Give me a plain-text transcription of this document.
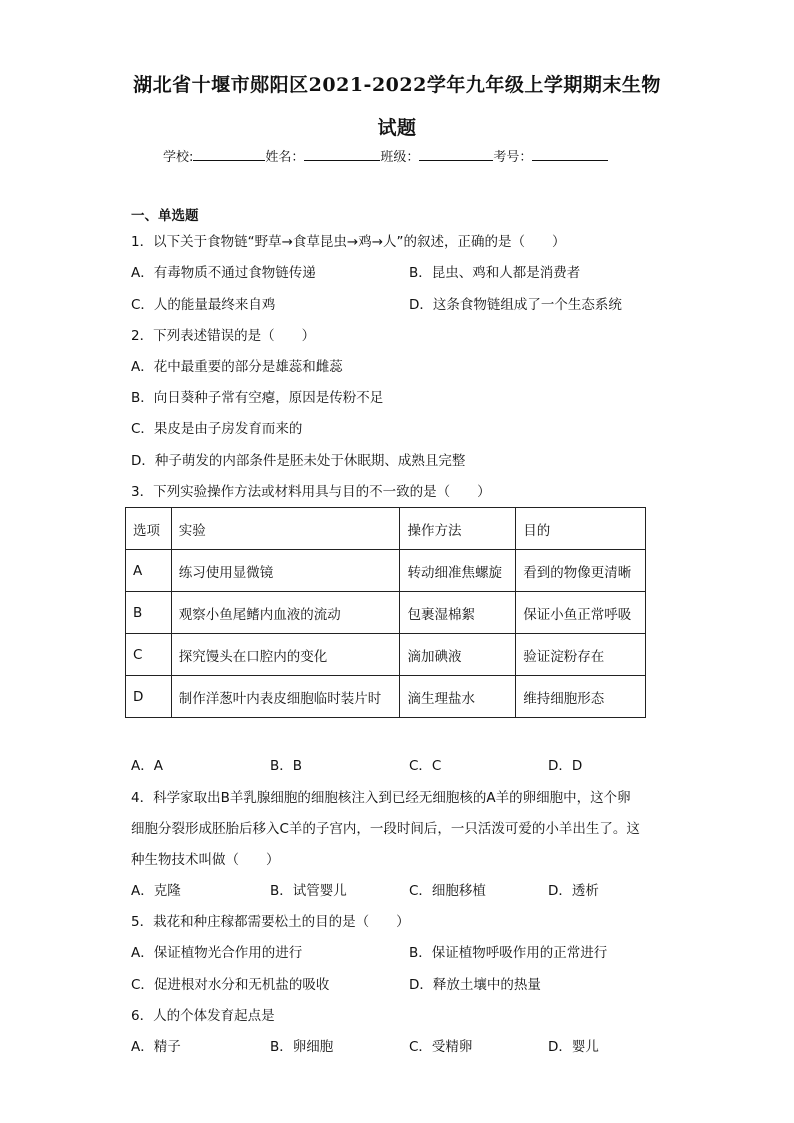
湖北省十堰市郧阳区2021-2022学年九年级上学期期末生物
试题
学校:	姓名：	班级：	考号：
一、单选题
1．以下关于食物链“野草→食草昆虫→鸡→人”的叙述，正确的是（　　）
A．有毒物质不通过食物链传递	B．昆虫、鸡和人都是消费者
C．人的能量最终来自鸡	D．这条食物链组成了一个生态系统
2．下列表述错误的是（　　）
A．花中最重要的部分是雄蕊和雌蕊
B．向日葵种子常有空瘪，原因是传粉不足
C．果皮是由子房发育而来的
D．种子萌发的内部条件是胚未处于休眠期、成熟且完整
3．下列实验操作方法或材料用具与目的不一致的是（　　）
选项	实验	操作方法	目的
A	练习使用显微镜	转动细准焦螺旋	看到的物像更清晰
B	观察小鱼尾鳍内血液的流动	包裹湿棉絮	保证小鱼正常呼吸
C	探究馒头在口腔内的变化	滴加碘液	验证淀粉存在
D	制作洋葱叶内表皮细胞临时装片时	滴生理盐水	维持细胞形态
A．A	B．B	C．C	D．D
4．科学家取出B羊乳腺细胞的细胞核注入到已经无细胞核的A羊的卵细胞中，这个卵
细胞分裂形成胚胎后移入C羊的子宫内，一段时间后，一只活泼可爱的小羊出生了。这
种生物技术叫做（　　）
A．克隆	B．试管婴儿	C．细胞移植	D．透析
5．栽花和种庄稼都需要松土的目的是（　　）
A．保证植物光合作用的进行	B．保证植物呼吸作用的正常进行
C．促进根对水分和无机盐的吸收	D．释放土壤中的热量
6．人的个体发育起点是
A．精子	B．卵细胞	C．受精卵	D．婴儿
